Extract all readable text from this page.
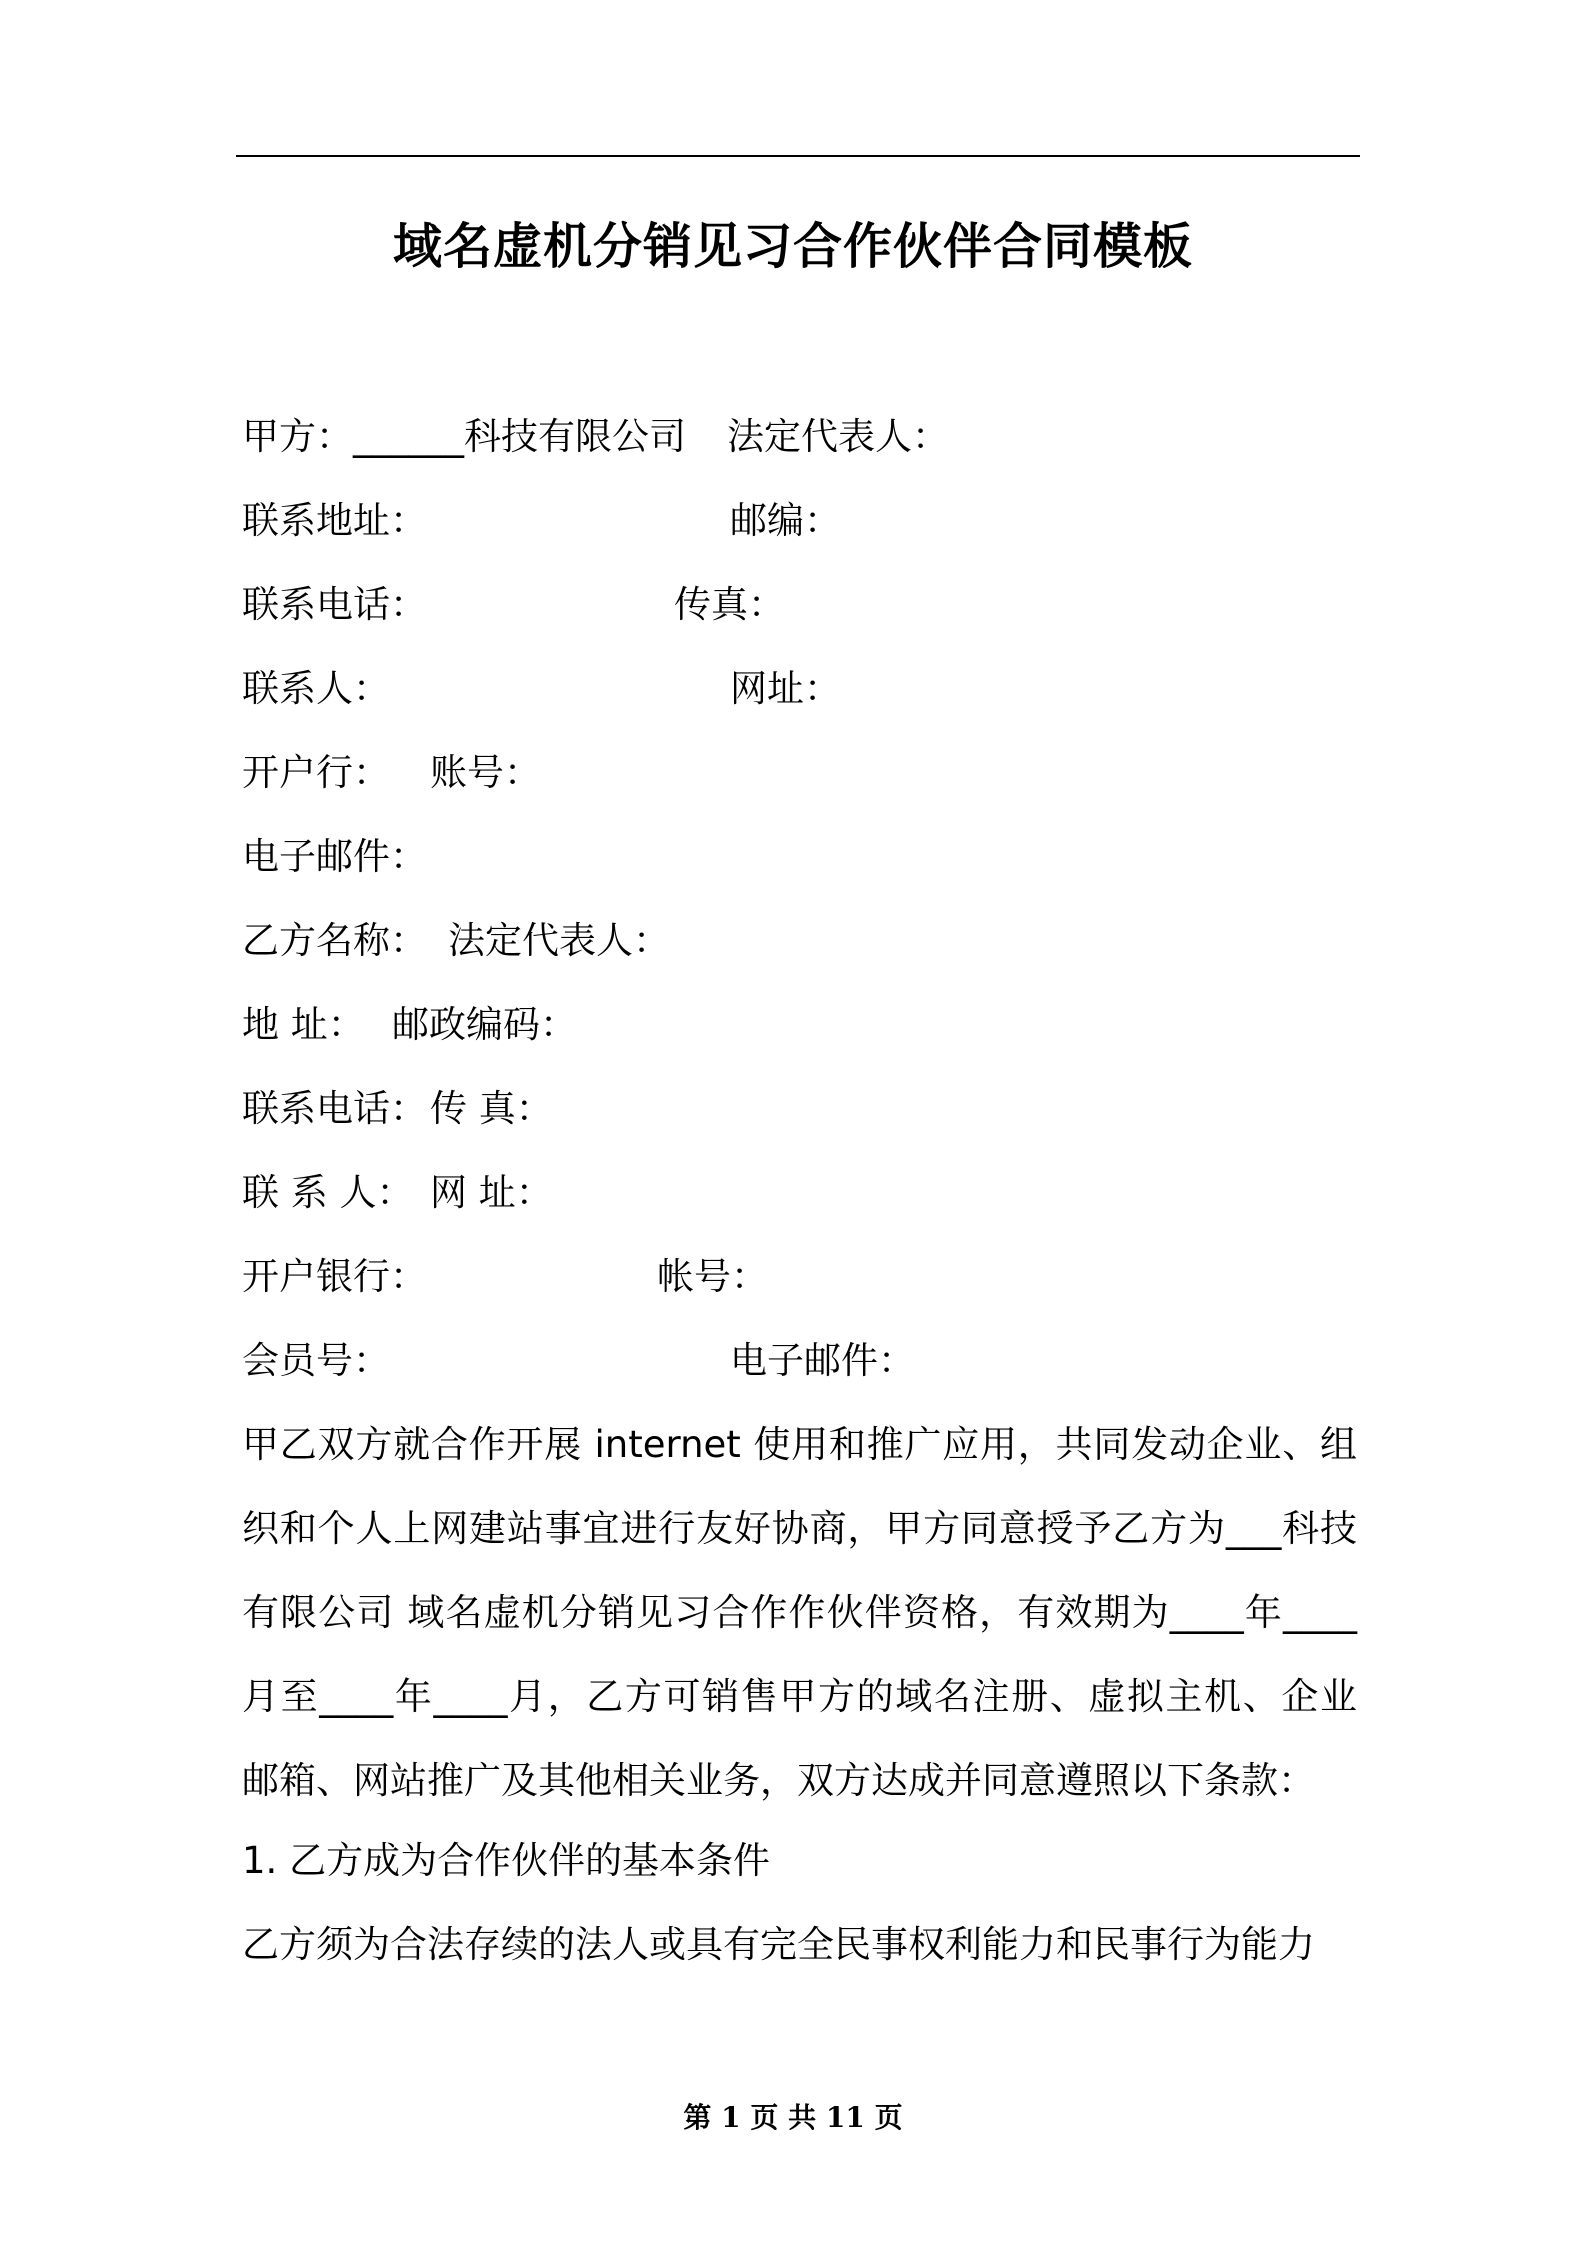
域名虚机分销见习合作伙伴合同模板
甲方：______科技有限公司 法定代表人：
联系地址：	邮编：
联系电话：	传真：
联系人：	网址：
开户行： 账号：
电子邮件：
乙方名称： 法定代表人：
地 址： 邮政编码：
联系电话： 传 真：
联 系 人： 网 址：
开户银行：	帐号：
会员号：	电子邮件：
甲乙双方就合作开展 internet 使用和推广应用，共同发动企业、组
织和个人上网建站事宜进行友好协商，甲方同意授予乙方为___科技
有限公司 域名虚机分销见习合作作伙伴资格，有效期为____年____
月至____年____月，乙方可销售甲方的域名注册、虚拟主机、企业
邮箱、网站推广及其他相关业务，双方达成并同意遵照以下条款：
1. 乙方成为合作伙伴的基本条件
乙方须为合法存续的法人或具有完全民事权利能力和民事行为能力
第 1 页 共 11 页
